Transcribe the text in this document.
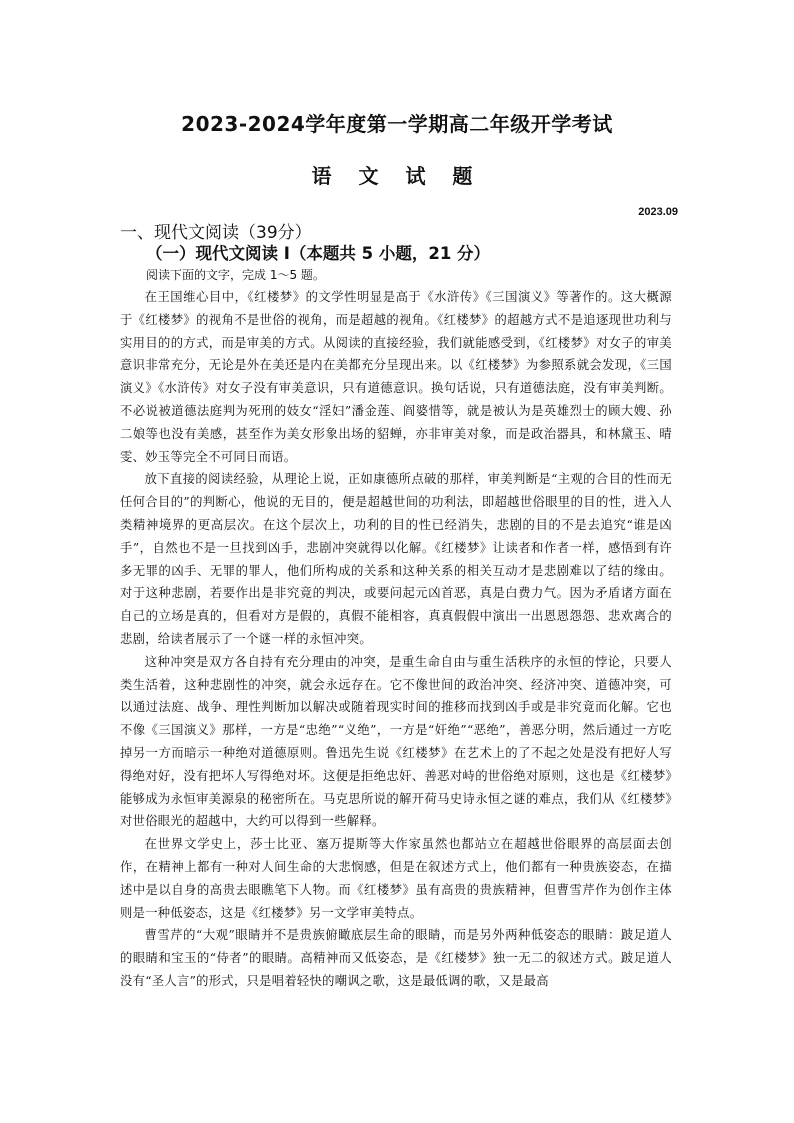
2023-2024学年度第一学期高二年级开学考试
语 文 试 题
2023.09
一、现代文阅读（39分）
（一）现代文阅读 I（本题共 5 小题，21 分）
阅读下面的文字，完成 1～5 题。

在王国维心目中，《红楼梦》的文学性明显是高于《水浒传》《三国演义》等著作的。这大概源于《红楼梦》的视角不是世俗的视角，而是超越的视角。《红楼梦》的超越方式不是追逐现世功利与实用目的的方式，而是审美的方式。从阅读的直接经验，我们就能感受到，《红楼梦》对女子的审美意识非常充分，无论是外在美还是内在美都充分呈现出来。以《红楼梦》为参照系就会发现，《三国演义》《水浒传》对女子没有审美意识，只有道德意识。换句话说，只有道德法庭，没有审美判断。不必说被道德法庭判为死刑的妓女“淫妇”潘金莲、阎婆惜等，就是被认为是英雄烈士的顾大嫂、孙二娘等也没有美感，甚至作为美女形象出场的貂蝉，亦非审美对象，而是政治器具，和林黛玉、晴雯、妙玉等完全不可同日而语。

放下直接的阅读经验，从理论上说，正如康德所点破的那样，审美判断是“主观的合目的性而无任何合目的”的判断心，他说的无目的，便是超越世间的功利法，即超越世俗眼里的目的性，进入人类精神境界的更高层次。在这个层次上，功利的目的性已经消失，悲剧的目的不是去追究“谁是凶手”，自然也不是一旦找到凶手，悲剧冲突就得以化解。《红楼梦》让读者和作者一样，感悟到有许多无罪的凶手、无罪的罪人，他们所构成的关系和这种关系的相关互动才是悲剧难以了结的缘由。对于这种悲剧，若要作出是非究竟的判决，或要问起元凶首恶，真是白费力气。因为矛盾诸方面在自己的立场是真的，但看对方是假的，真假不能相容，真真假假中演出一出恩恩怨怨、悲欢离合的悲剧，给读者展示了一个谜一样的永恒冲突。

这种冲突是双方各自持有充分理由的冲突，是重生命自由与重生活秩序的永恒的悖论，只要人类生活着，这种悲剧性的冲突，就会永远存在。它不像世间的政治冲突、经济冲突、道德冲突，可以通过法庭、战争、理性判断加以解决或随着现实时间的推移而找到凶手或是非究竟而化解。它也不像《三国演义》那样，一方是“忠绝”“义绝”，一方是“奸绝”“恶绝”，善恶分明，然后通过一方吃掉另一方而暗示一种绝对道德原则。鲁迅先生说《红楼梦》在艺术上的了不起之处是没有把好人写得绝对好，没有把坏人写得绝对坏。这便是拒绝忠奸、善恶对峙的世俗绝对原则，这也是《红楼梦》能够成为永恒审美源泉的秘密所在。马克思所说的解开荷马史诗永恒之谜的难点，我们从《红楼梦》对世俗眼光的超越中，大约可以得到一些解释。

在世界文学史上，莎士比亚、塞万提斯等大作家虽然也都站立在超越世俗眼界的高层面去创作，在精神上都有一种对人间生命的大悲悯感，但是在叙述方式上，他们都有一种贵族姿态，在描述中是以自身的高贵去眼瞧笔下人物。而《红楼梦》虽有高贵的贵族精神，但曹雪芹作为创作主体则是一种低姿态，这是《红楼梦》另一文学审美特点。

曹雪芹的“大观”眼睛并不是贵族俯瞰底层生命的眼睛，而是另外两种低姿态的眼睛：跛足道人的眼睛和宝玉的“侍者”的眼睛。高精神而又低姿态，是《红楼梦》独一无二的叙述方式。跛足道人没有“圣人言”的形式，只是唱着轻快的嘲讽之歌，这是最低调的歌，又是最高
